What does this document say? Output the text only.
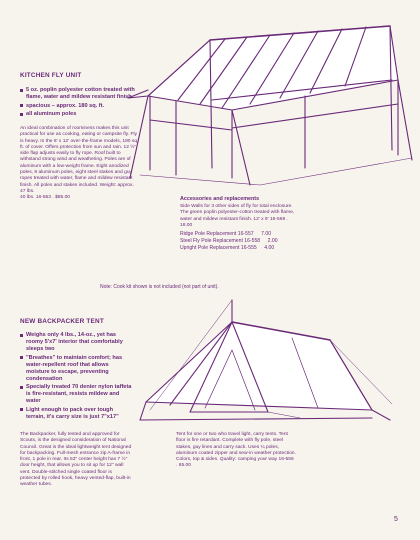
KITCHEN FLY UNIT
5 oz. poplin polyester cotton treated with flame, water and mildew resistant finish
spacious – approx. 180 sq. ft.
all aluminum poles

An ideal combination of roominess makes this unit practical for use as cooking, eating or campsite fly. Fly is heavy. In the 8' x 12' over-the-frame models, 180 sq. ft. of cover. Offers protection from sun and rain. 12 ½" side flap adjusts easily to fly rope. Roof built to withstand strong wind and weathering. Poles are of aluminum with a low-weight frame. Eight anodized poles, 8 aluminum poles, eight steel stakes and guy ropes treated with water, flame and mildew resistant finish. All poles and stakes included. Weight: approx. 47 lbs.

40 lbs. 16-553 . $85.00	Accessories and replacements

Side Walls for 3 other sides of fly for total enclosure. The green poplin polyester-cotton treated with flame, water and mildew resistant finish. 12' x 9' 16-569 . 18.00

Ridge Pole Replacement 16-557 7.00
Steel Fly Pole Replacement 16-558 2.00
Upright Pole Replacement 16-555 4.00
Note: Cook kit shown is not included (not part of unit).
NEW BACKPACKER TENT
Weighs only 4 lbs., 14-oz., yet has roomy 5'x7' interior that comfortably sleeps two
"Breathes" to maintain comfort; has water-repellent roof that allows moisture to escape, preventing condensation
Specially treated 70 denier nylon taffeta is fire-resistant, resists mildew and water
Light enough to pack over tough terrain, it's carry size is just 7"x17"

The Backpacker, fully tested and approved for Scouts, is the designed consideration of National Council. Great is the ideal lightweight tent designed for backpacking. Full-mesh entrance zip A-frame in front, 1 pole in rear. Its 53" center height has 7 ½" door height, that allows you to sit up for 12" wall vent. Double-stitched single coated floor is protected by rolled hook, heavy vented-flap, built-in weather tubes.

Tent for one or two who travel light, carry tents. Tent floor is fire retardant. Complete with fly pole, steel stakes, guy lines and carry sack. Uses ¼ poles, aluminum coated zipper and sew-in weather protection. Colors, top & sides. Quality: camping your way 16-556 . 65.00

5
